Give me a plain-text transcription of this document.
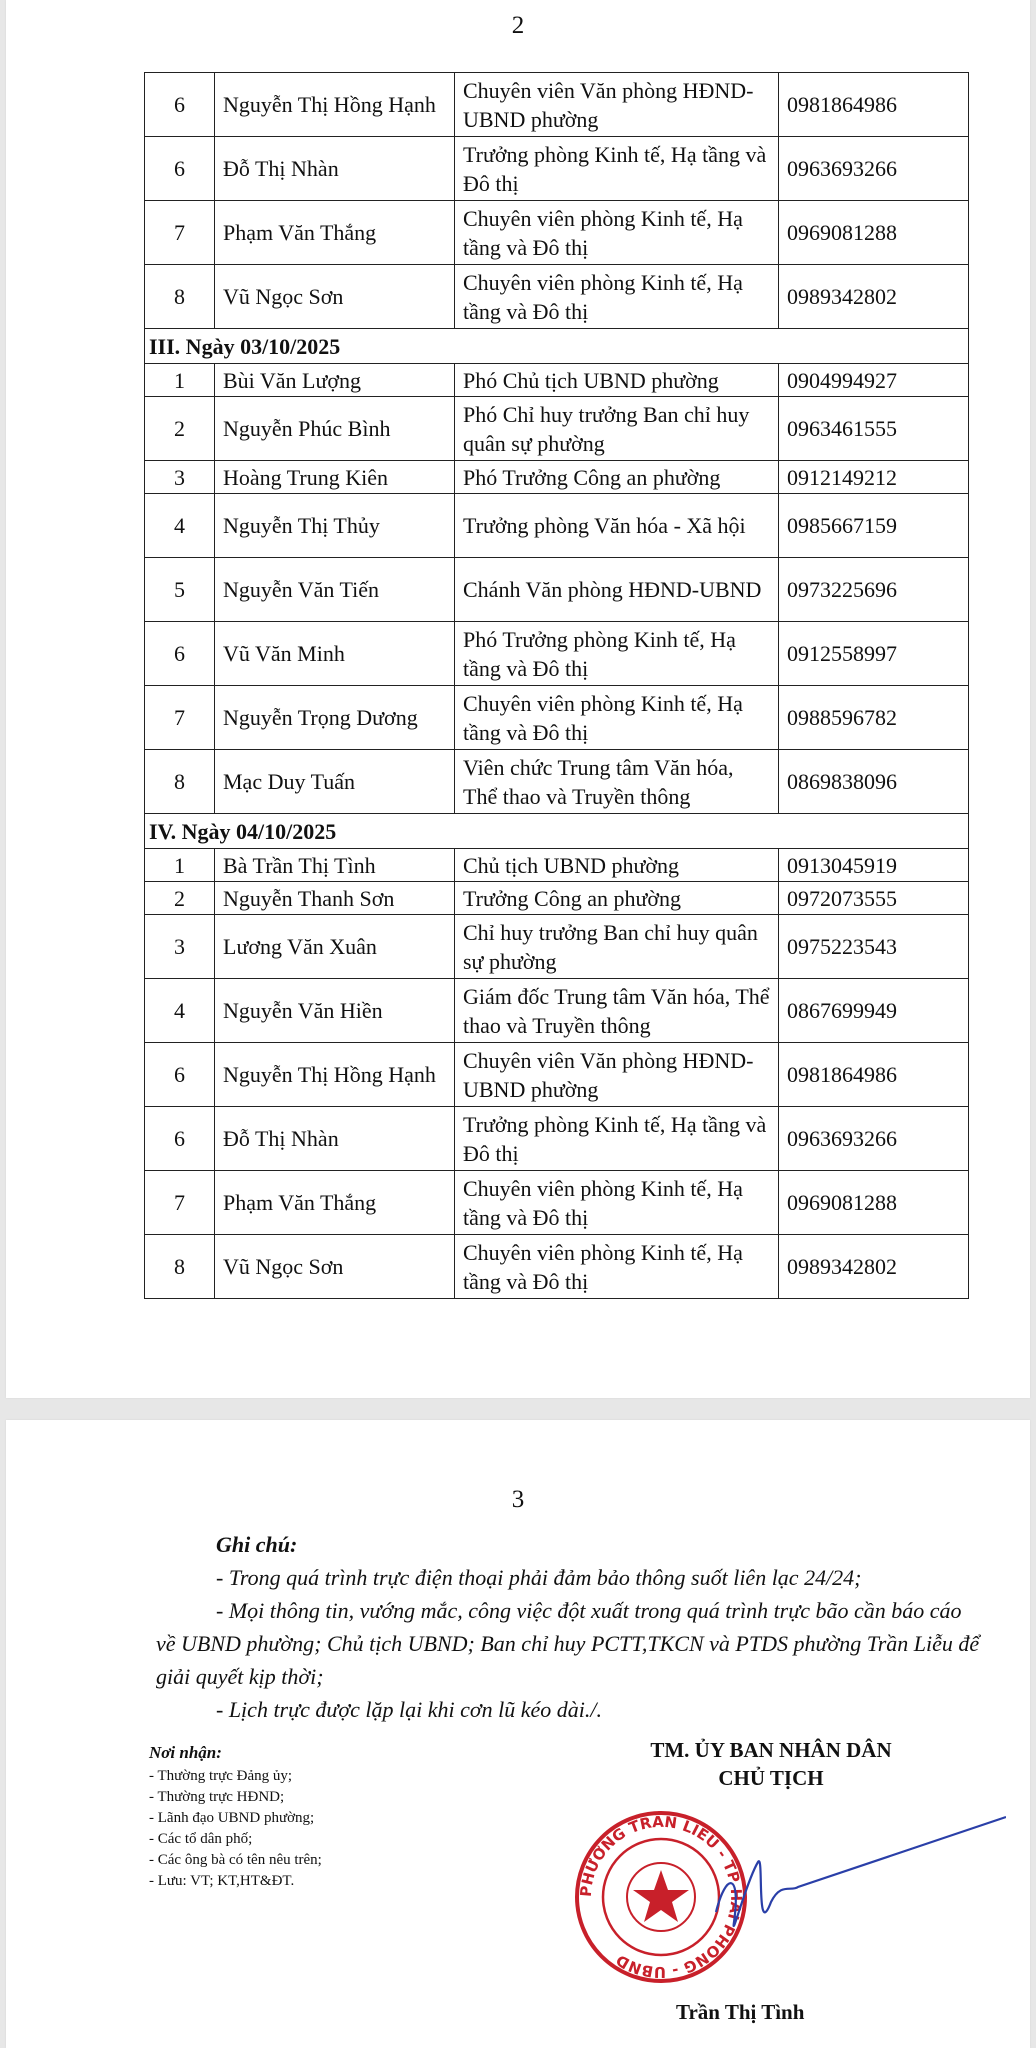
2
6	Nguyễn Thị Hồng Hạnh	Chuyên viên Văn phòng HĐND-UBND phường	0981864986
6	Đỗ Thị Nhàn	Trưởng phòng Kinh tế, Hạ tầng và Đô thị	0963693266
7	Phạm Văn Thắng	Chuyên viên phòng Kinh tế, Hạ tầng và Đô thị	0969081288
8	Vũ Ngọc Sơn	Chuyên viên phòng Kinh tế, Hạ tầng và Đô thị	0989342802
III. Ngày 03/10/2025			
1	Bùi Văn Lượng	Phó Chủ tịch UBND phường	0904994927
2	Nguyễn Phúc Bình	Phó Chỉ huy trưởng Ban chỉ huy quân sự phường	0963461555
3	Hoàng Trung Kiên	Phó Trưởng Công an phường	0912149212
4	Nguyễn Thị Thủy	Trưởng phòng Văn hóa - Xã hội	0985667159
5	Nguyễn Văn Tiến	Chánh Văn phòng HĐND-UBND	0973225696
6	Vũ Văn Minh	Phó Trưởng phòng Kinh tế, Hạ tầng và Đô thị	0912558997
7	Nguyễn Trọng Dương	Chuyên viên phòng Kinh tế, Hạ tầng và Đô thị	0988596782
8	Mạc Duy Tuấn	Viên chức Trung tâm Văn hóa, Thể thao và Truyền thông	0869838096
IV. Ngày 04/10/2025			
1	Bà Trần Thị Tình	Chủ tịch UBND phường	0913045919
2	Nguyễn Thanh Sơn	Trưởng Công an phường	0972073555
3	Lương Văn Xuân	Chỉ huy trưởng Ban chỉ huy quân sự phường	0975223543
4	Nguyễn Văn Hiền	Giám đốc Trung tâm Văn hóa, Thể thao và Truyền thông	0867699949
6	Nguyễn Thị Hồng Hạnh	Chuyên viên Văn phòng HĐND-UBND phường	0981864986
6	Đỗ Thị Nhàn	Trưởng phòng Kinh tế, Hạ tầng và Đô thị	0963693266
7	Phạm Văn Thắng	Chuyên viên phòng Kinh tế, Hạ tầng và Đô thị	0969081288
8	Vũ Ngọc Sơn	Chuyên viên phòng Kinh tế, Hạ tầng và Đô thị	0989342802
3
Ghi chú:
- Trong quá trình trực điện thoại phải đảm bảo thông suốt liên lạc 24/24;
- Mọi thông tin, vướng mắc, công việc đột xuất trong quá trình trực bão cần báo cáo về UBND phường; Chủ tịch UBND; Ban chỉ huy PCTT,TKCN và PTDS phường Trần Liễu để giải quyết kịp thời;
- Lịch trực được lặp lại khi cơn lũ kéo dài./.
Nơi nhận:
- Thường trực Đảng ủy;
- Thường trực HĐND;
- Lãnh đạo UBND phường;
- Các tổ dân phố;
- Các ông bà có tên nêu trên;
- Lưu: VT; KT,HT&ĐT.
TM. ỦY BAN NHÂN DÂN
CHỦ TỊCH
PHƯỜNG TRẦN LIỄU - TP HẢI PHÒNG - UBND
Trần Thị Tình
